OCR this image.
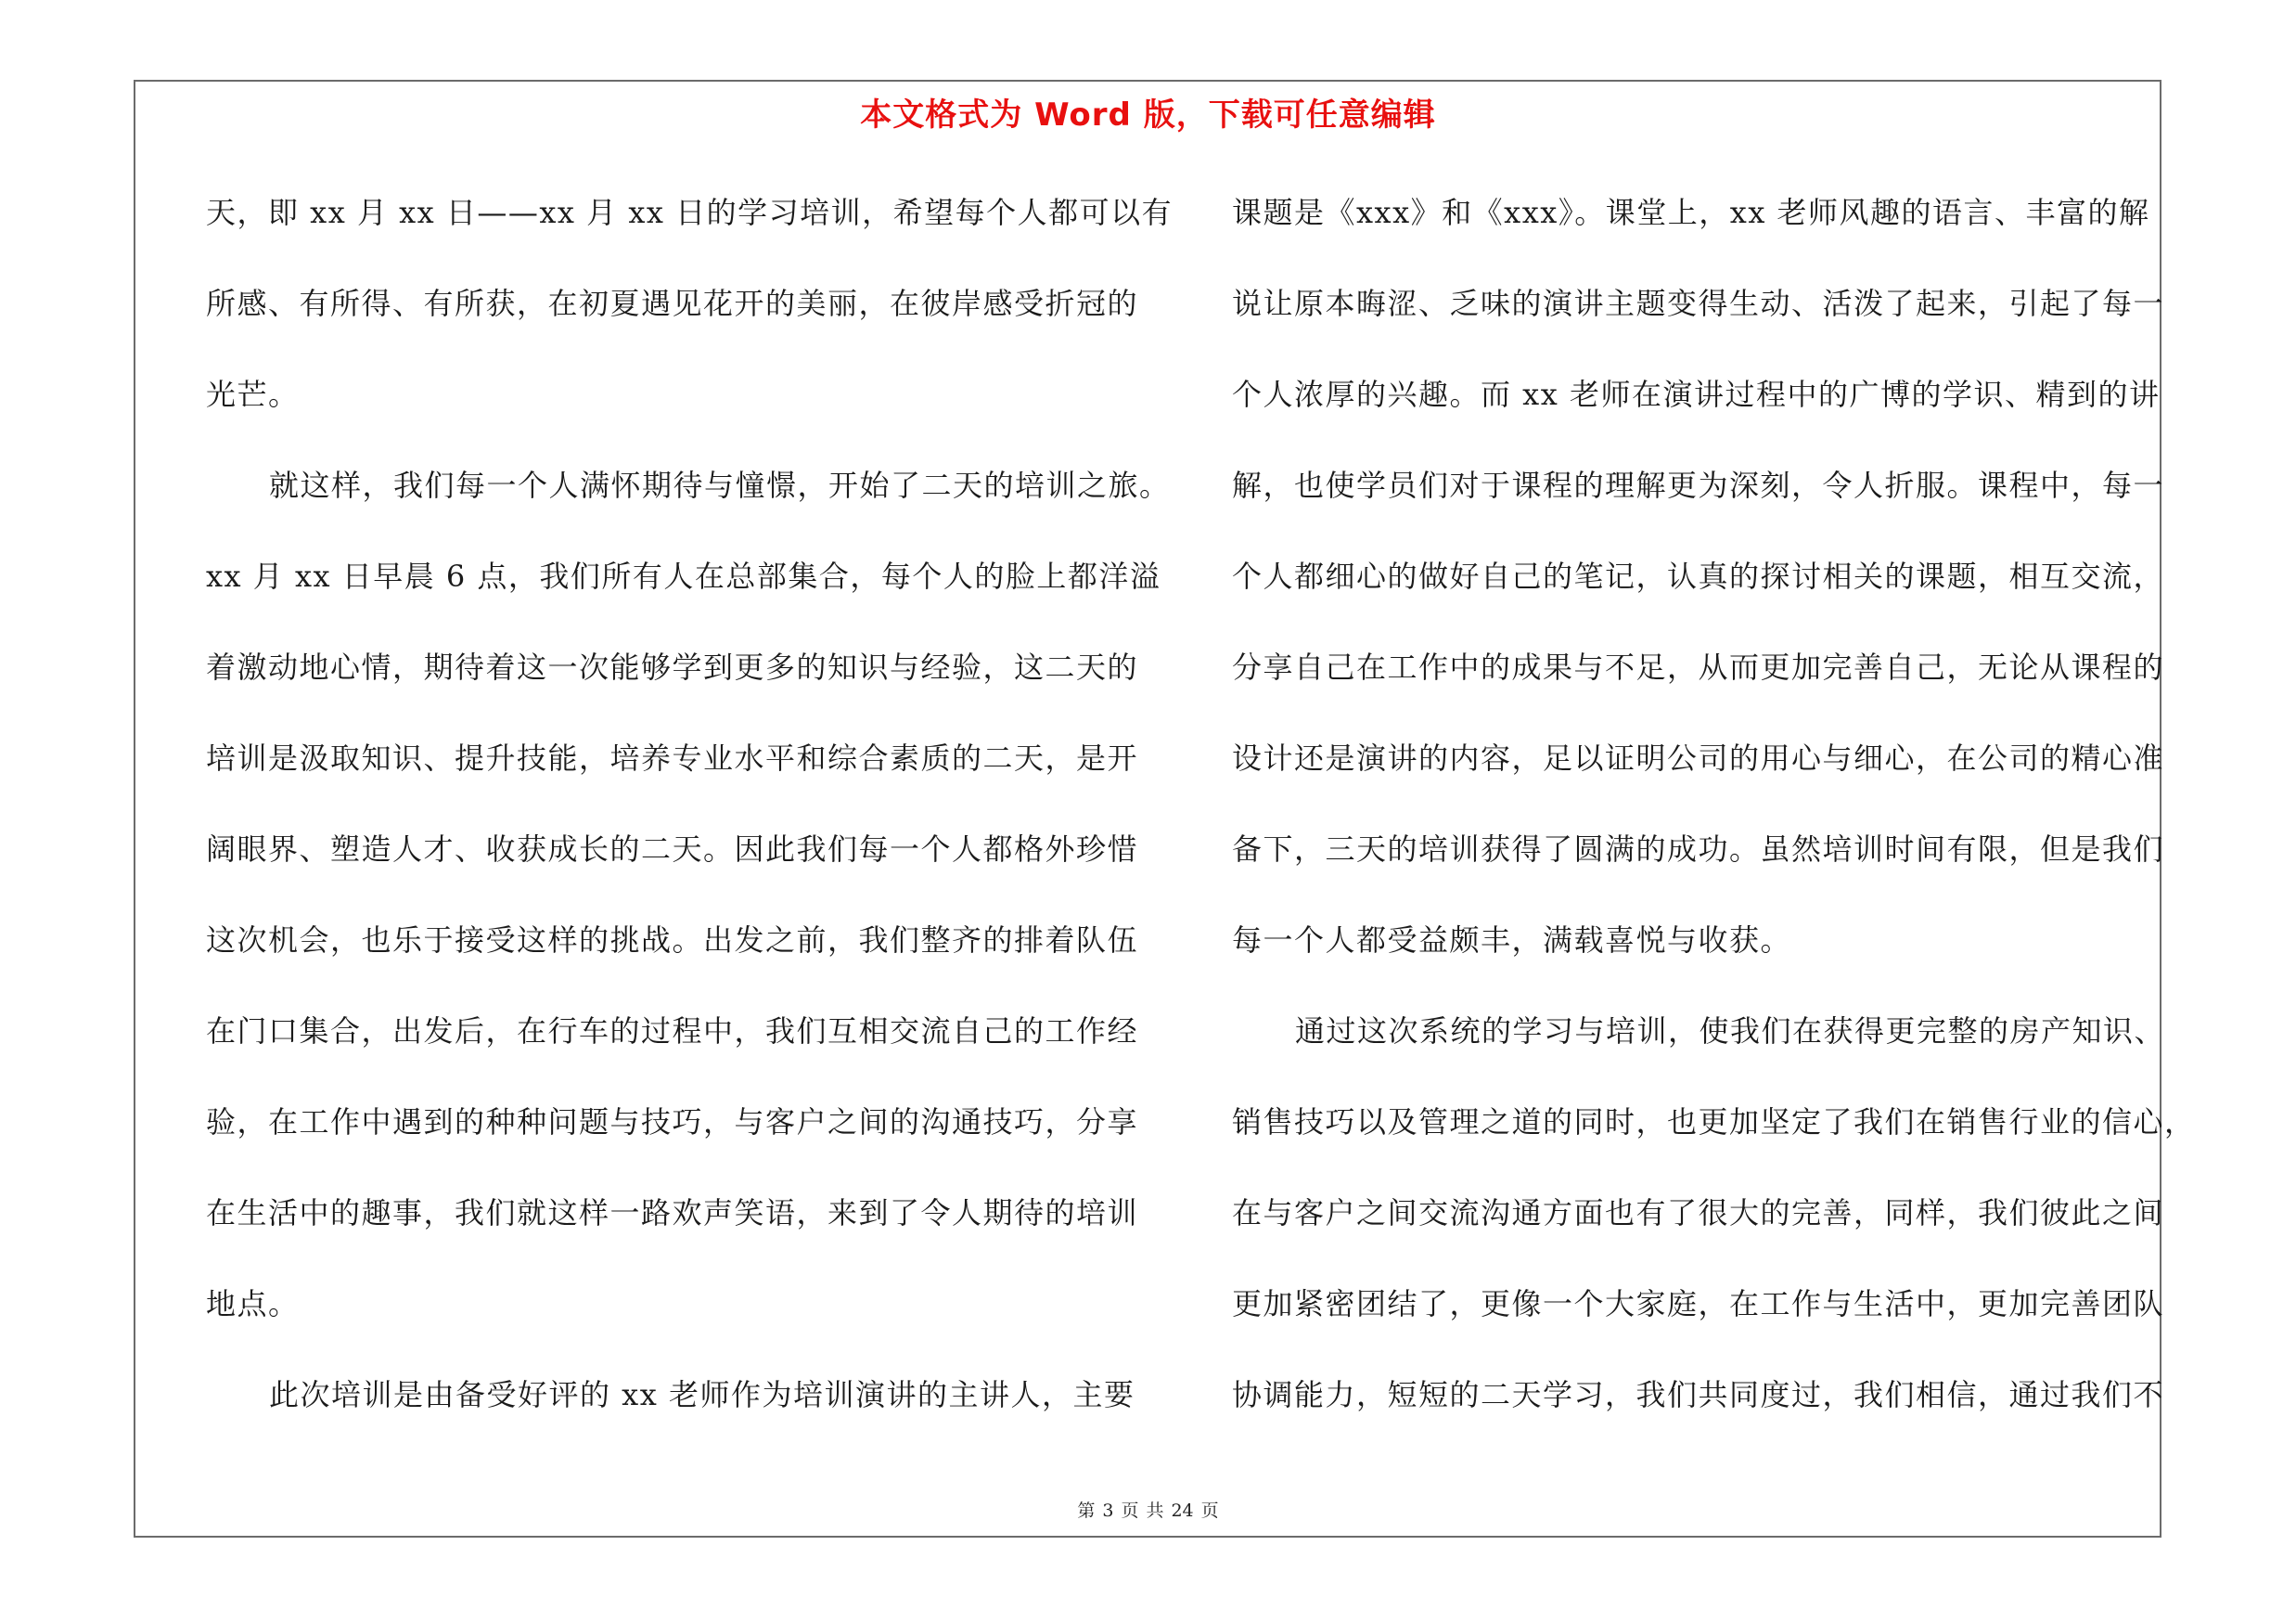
本文格式为 Word 版，下载可任意编辑
天，即 xx 月 xx 日——xx 月 xx 日的学习培训，希望每个人都可以有
所感、有所得、有所获，在初夏遇见花开的美丽，在彼岸感受折冠的
光芒。
就这样，我们每一个人满怀期待与憧憬，开始了二天的培训之旅。
xx 月 xx 日早晨 6 点，我们所有人在总部集合，每个人的脸上都洋溢
着激动地心情，期待着这一次能够学到更多的知识与经验，这二天的
培训是汲取知识、提升技能，培养专业水平和综合素质的二天，是开
阔眼界、塑造人才、收获成长的二天。因此我们每一个人都格外珍惜
这次机会，也乐于接受这样的挑战。出发之前，我们整齐的排着队伍
在门口集合，出发后，在行车的过程中，我们互相交流自己的工作经
验，在工作中遇到的种种问题与技巧，与客户之间的沟通技巧，分享
在生活中的趣事，我们就这样一路欢声笑语，来到了令人期待的培训
地点。
此次培训是由备受好评的 xx 老师作为培训演讲的主讲人，主要
课题是《xxx》和《xxx》。课堂上，xx 老师风趣的语言、丰富的解
说让原本晦涩、乏味的演讲主题变得生动、活泼了起来，引起了每一
个人浓厚的兴趣。而 xx 老师在演讲过程中的广博的学识、精到的讲
解，也使学员们对于课程的理解更为深刻，令人折服。课程中，每一
个人都细心的做好自己的笔记，认真的探讨相关的课题，相互交流，
分享自己在工作中的成果与不足，从而更加完善自己，无论从课程的
设计还是演讲的内容，足以证明公司的用心与细心，在公司的精心准
备下，三天的培训获得了圆满的成功。虽然培训时间有限，但是我们
每一个人都受益颇丰，满载喜悦与收获。
通过这次系统的学习与培训，使我们在获得更完整的房产知识、
销售技巧以及管理之道的同时，也更加坚定了我们在销售行业的信心，
在与客户之间交流沟通方面也有了很大的完善，同样，我们彼此之间
更加紧密团结了，更像一个大家庭，在工作与生活中，更加完善团队
协调能力，短短的二天学习，我们共同度过，我们相信，通过我们不
第 3 页 共 24 页
